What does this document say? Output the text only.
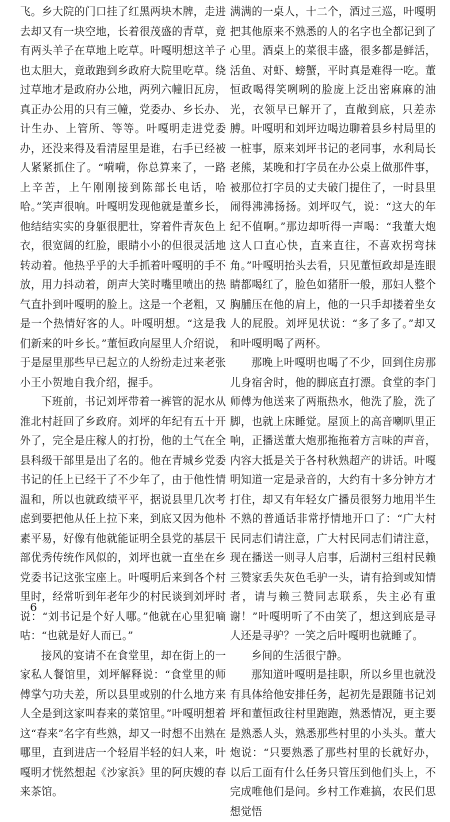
飞。乡大院的门口挂了红黑两块木牌，走进去却又有一块空地，长着很茂盛的青草，竟有两头羊子在草地上吃草。叶嘎明想这羊子也太胆大，竟敢跑到乡政府大院里吃草。绕过草地才是政府办公地，两列六幢旧瓦房，真正办公用的只有三幢，党委办、乡长办、计生办、上管所、等等。叶嘎明走进党委办，还没来得及看清屋里是谁，右手已经被人紧紧抓住了。“嗬嗬，你总算来了，一路上辛苦，上午刚刚接到陈部长电话，哈哈。”笑声很响。叶嘎明发现他就是董乡长，他结结实实的身躯很肥壮，穿着件青灰色上衣，很宽阔的红脸，眼睛小小的但很灵活地转动着。他热乎乎的大手抓着叶嘎明的手不放，用力抖动着，朗声大笑时嘴里喷出的热气直扑到叶嘎明的脸上。这是一个老粗，又是一个热情好客的人。叶嘎明想。“这是我们新来的叶乡长。”董恒政向屋里人介绍说，于是屋里那些早已起立的人纷纷走过来老张小王小贺地自我介绍，握手。

下班前，书记刘坪带着一裤管的泥水从淮北村赶回了乡政府。刘坪的年纪有五十开外了，完全是庄稼人的打扮，他的土气在全县科级干部里是出了名的。他在青城乡党委书记的任上已经干了不少年了，由于他性情温和，所以也就政绩平平，据说县里几次考虑到要把他从任上拉下来，到底又因为他朴素平易，好像有他就能证明全县党的基层干部优秀传统作风似的，刘坪也就一直坐在乡党委书记这张宝座上。叶嘎明后来到各个村里时，经常听到年老年少的村民谈到刘坪时说：“刘书记是个好人哪。”他就在心里犯嘀咕：“也就是好人而已。”

接风的宴请不在食堂里，却在街上的一家私人餐馆里，刘坪解释说：“食堂里的师傅掌勺功夫差，所以县里或别的什么地方来人全是到这家叫春来的菜馆里。”叶嘎明想着这“春来”名字有些熟，却又一时想不出熟在哪里，直到进店一个轻眉半轻的妇人来，叶嘎明才恍然想起《沙家浜》里的阿庆嫂的春来茶馆。

满满的一桌人，十二个，酒过三巡，叶嘎明把其他原来不熟悉的人的名字也全都记到了心里。酒桌上的菜很丰盛，很多都是鲜活，活鱼、对虾、螃蟹，平时真是难得一吃。董恒政喝得笑咧咧的脸庞上泛出密麻麻的油光，衣领早已解开了，直敞到底，只差赤膊。叶嘎明和刘坪边喝边聊着县乡村局里的一桩事，原来刘坪书记的老同事，水利局长老熊，某晚和打字员在办公桌上做那件事，被那位打字员的丈夫破门提住了，一时县里闹得沸沸扬扬。刘坪叹气，说：“这大的年纪不值啊。”那边却听得一声喝：“我董大炮这人口直心快，直来直往，不喜欢拐弯抹角。”叶嘎明抬头去看，只见董恒政却是连眼睛都喝红了，脸色如猪肝一般，那妇人整个胸脯压在他的肩上，他的一只手却搂着坐女人的屁股。刘坪见状说：“多了多了。”却又和叶嘎明喝了两杯。

那晚上叶嘎明也喝了不少，回到住房那儿身宿舍时，他的脚底直打漂。食堂的李门师傅为他送来了两瓶热水，他洗了脸，洗了脚，也就上床睡觉。屋顶上的高音喇叭里正响，正播送董大炮那拖拖着方言味的声音，内容大抵是关于各村秋熟超产的讲话。叶嘎明知道一定是录音的，大约有十多分钟方才打住，却又有年轻女广播员很努力地用半生不熟的普通话非常抒情地开口了：“广大村民同志们请注意，广大村民同志们请注意，现在播送一则寻人启事，后湖村三组村民赖三赞家丢失灰色毛驴一头，请有拾到或知情者，请与赖三赞同志联系，失主必有重谢！”叶嘎明听了不由笑了，想这到底是寻人还是寻驴？一笑之后叶嘎明也就睡了。

乡间的生活很宁静。

那知道叶嘎明是挂职，所以乡里也就没有具体给他安排任务，起初先是跟随书记刘坪和董恒政往村里跑跑，熟悉情况，更主要是熟悉人头，熟悉那些村里的小头头。董大炮说：“只要熟悉了那些村里的长就好办，以后工面有什么任务只管压到他们头上，不完成唯他们是问。乡村工作难搞，农民们思想觉悟

6
